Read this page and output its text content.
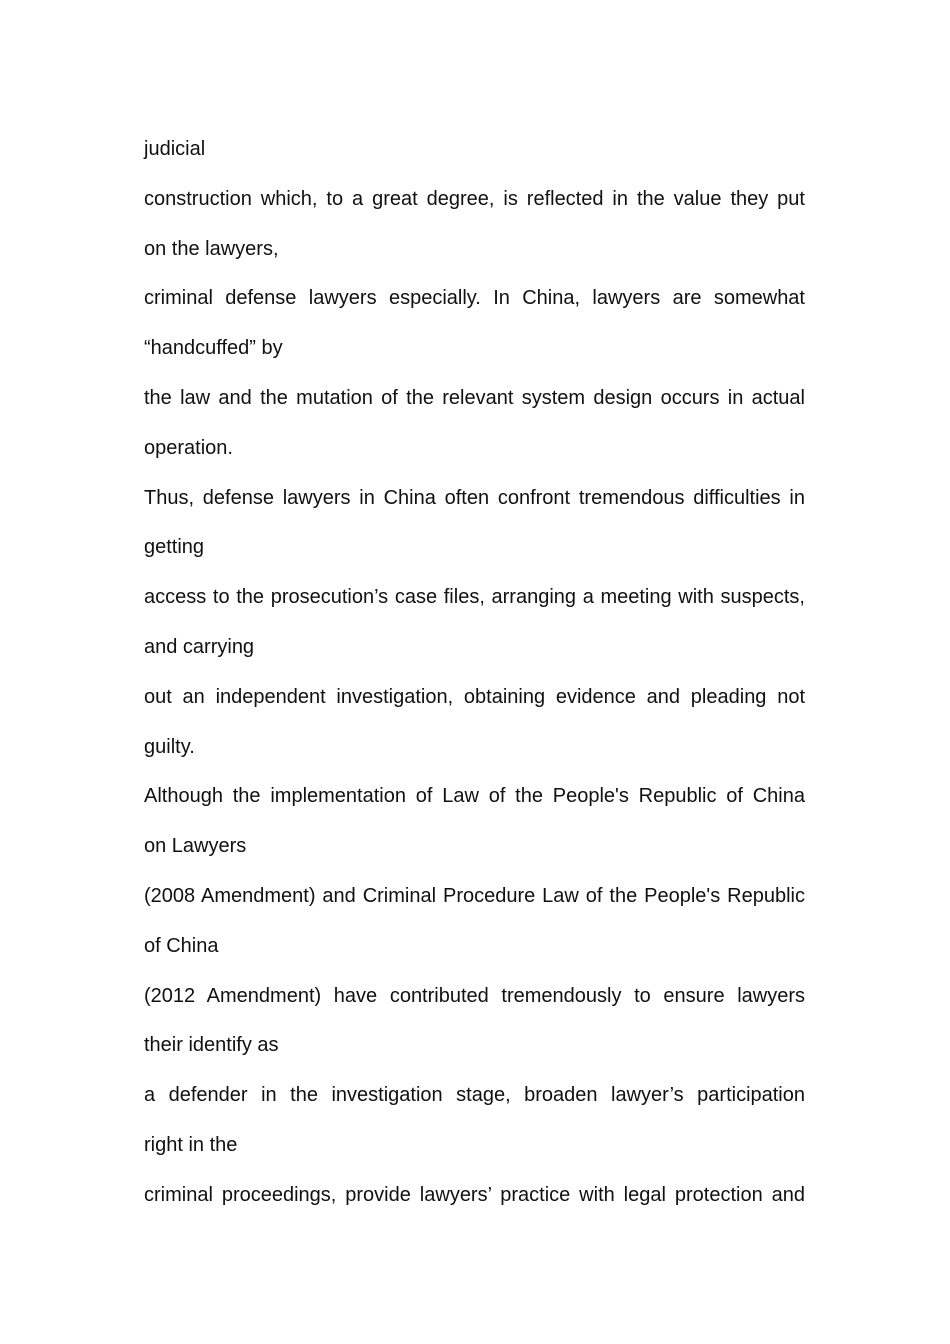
judicial
construction which, to a great degree, is reflected in the value they put
on the lawyers,
criminal defense lawyers especially. In China, lawyers are somewhat
“handcuffed” by
the law and the mutation of the relevant system design occurs in actual
operation.
Thus, defense lawyers in China often confront tremendous difficulties in
getting
access to the prosecution’s case files, arranging a meeting with suspects,
and carrying
out an independent investigation, obtaining evidence and pleading not
guilty.
Although the implementation of Law of the People's Republic of China
on Lawyers
(2008 Amendment) and Criminal Procedure Law of the People's Republic
of China
(2012 Amendment) have contributed tremendously to ensure lawyers
their identify as
a defender in the investigation stage, broaden lawyer’s participation
right in the
criminal proceedings, provide lawyers’ practice with legal protection and
